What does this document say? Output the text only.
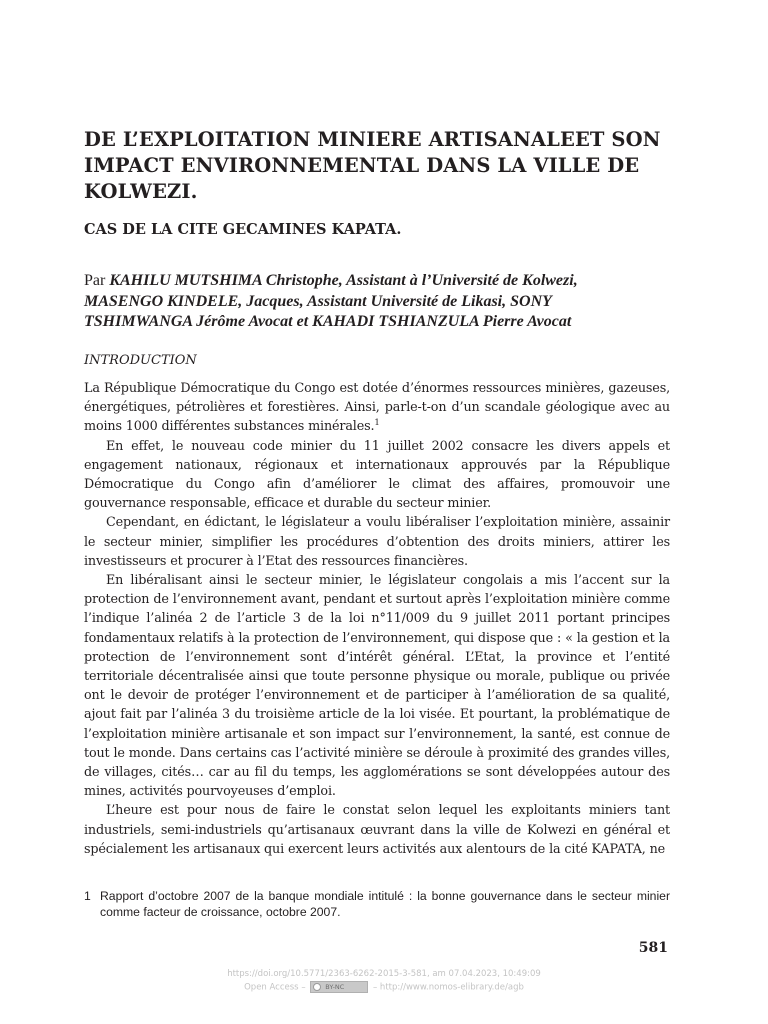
DE L’EXPLOITATION MINIERE ARTISANALEET SON
IMPACT ENVIRONNEMENTAL DANS LA VILLE DE
KOLWEZI.
CAS DE LA CITE GECAMINES KAPATA.
Par KAHILU MUTSHIMA Christophe, Assistant à l’Université de Kolwezi,
MASENGO KINDELE, Jacques, Assistant Université de Likasi, SONY
TSHIMWANGA Jérôme Avocat et KAHADI TSHIANZULA Pierre Avocat
INTRODUCTION

La République Démocratique du Congo est dotée d’énormes ressources minières, gazeuses, énergétiques, pétrolières et forestières. Ainsi, parle-t-on d’un scandale géologique avec au moins 1000 différentes substances minérales.$^1$

En effet, le nouveau code minier du 11 juillet 2002 consacre les divers appels et engagement nationaux, régionaux et internationaux approuvés par la République Démocratique du Congo afin d’améliorer le climat des affaires, promouvoir une gouvernance responsable, efficace et durable du secteur minier.

Cependant, en édictant, le législateur a voulu libéraliser l’exploitation minière, assainir le secteur minier, simplifier les procédures d’obtention des droits miniers, attirer les investisseurs et procurer à l’Etat des ressources financières.

En libéralisant ainsi le secteur minier, le législateur congolais a mis l’accent sur la protection de l’environnement avant, pendant et surtout après l’exploitation minière comme l’indique l’alinéa 2 de l’article 3 de la loi n°11/009 du 9 juillet 2011 portant principes fondamentaux relatifs à la protection de l’environnement, qui dispose que : « la gestion et la protection de l’environnement sont d’intérêt général. L’Etat, la province et l’entité territoriale décentralisée ainsi que toute personne physique ou morale, publique ou privée ont le devoir de protéger l’environnement et de participer à l’amélioration de sa qualité, ajout fait par l’alinéa 3 du troisième article de la loi visée. Et pourtant, la problématique de l’exploitation minière artisanale et son impact sur l’environnement, la santé, est connue de tout le monde. Dans certains cas l’activité minière se déroule à proximité des grandes villes, de villages, cités… car au fil du temps, les agglomérations se sont développées autour des mines, activités pourvoyeuses d’emploi.

L’heure est pour nous de faire le constat selon lequel les exploitants miniers tant industriels, semi-industriels qu’artisanaux œuvrant dans la ville de Kolwezi en général et spécialement les artisanaux qui exercent leurs activités aux alentours de la cité KAPATA, ne

1 Rapport d’octobre 2007 de la banque mondiale intitulé : la bonne gouvernance dans le secteur minier comme facteur de croissance, octobre 2007.
581
https://doi.org/10.5771/2363-6262-2015-3-581, am 07.04.2023, 10:49:09
Open Access –	BY-NC	– http://www.nomos-elibrary.de/agb
